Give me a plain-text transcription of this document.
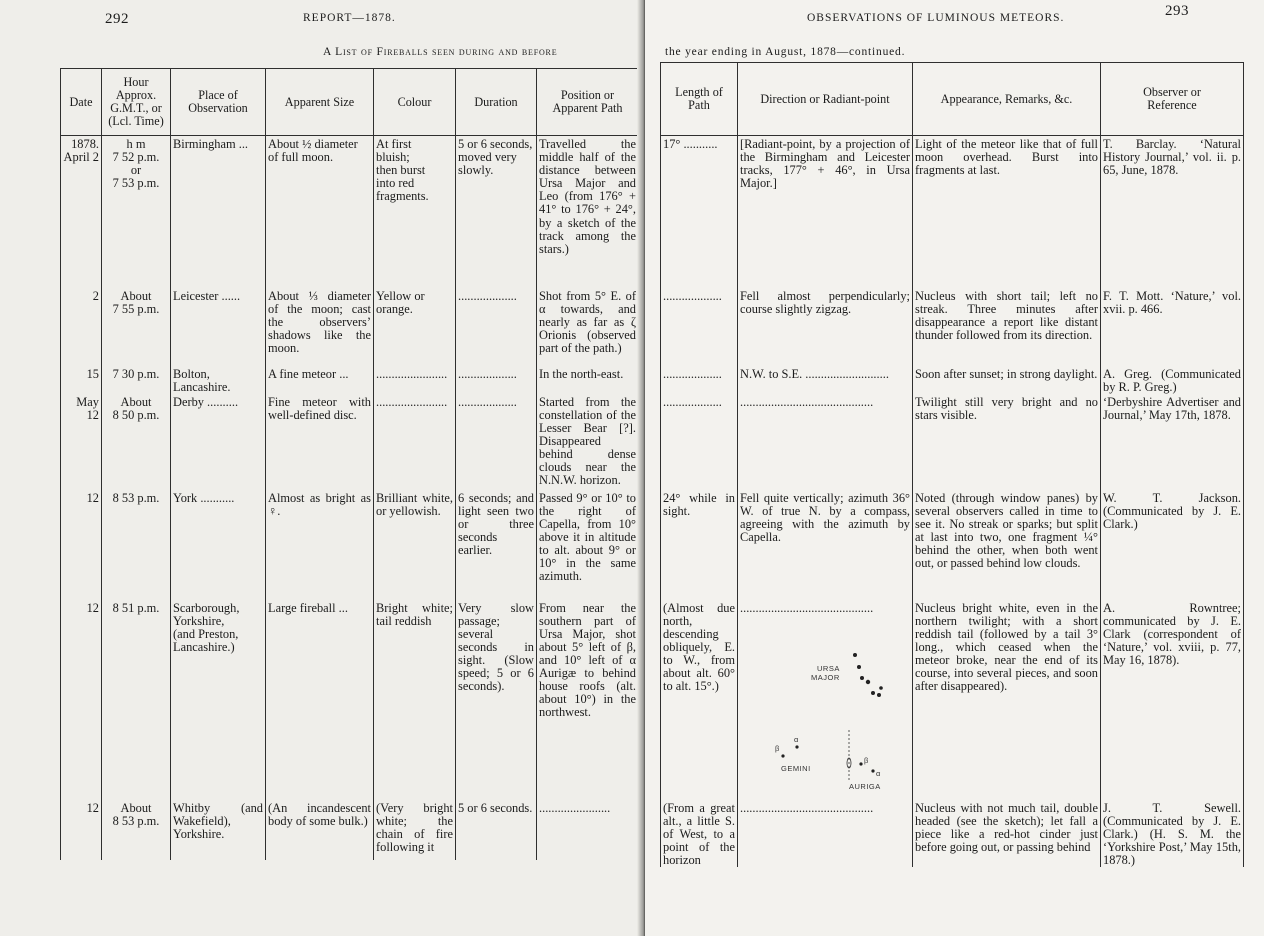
292	REPORT—1878.
A List of Fireballs seen during and before
Date	Hour
Approx.
G.M.T., or
(Lcl. Time)	Place of
Observation	Apparent Size	Colour	Duration	Position or
Apparent Path
1878.
April 2	h m
7 52 p.m.
or
7 53 p.m.	Birmingham ...	About ½ diameter
of full moon.	At first
bluish;
then burst
into red
fragments.	5 or 6 seconds,
moved very
slowly.	Travelled the middle half of the distance between Ursa Major and Leo (from 176° + 41° to 176° + 24°, by a sketch of the track among the stars.)
2	About
7 55 p.m.	Leicester ......	About ⅓ diameter of the moon; cast the observers’ shadows like the moon.	Yellow or
orange.	...................	Shot from 5° E. of α towards, and nearly as far as ζ Orionis (observed part of the path.)
15	7 30 p.m.	Bolton, Lancashire.	A fine meteor ...	.......................	...................	In the north-east.
May 12	About
8 50 p.m.	Derby ..........	Fine meteor with well-defined disc.	.......................	...................	Started from the constellation of the Lesser Bear [?]. Disappeared behind dense clouds near the N.N.W. horizon.
12	8 53 p.m.	York ...........	Almost as bright as ♀.	Brilliant white, or yellowish.	6 seconds; and light seen two or three seconds earlier.	Passed 9° or 10° to the right of Capella, from 10° above it in altitude to alt. about 9° or 10° in the same azimuth.
12	8 51 p.m.	Scarborough,
Yorkshire,
(and Preston,
Lancashire.)	Large fireball ...	Bright white; tail reddish	Very slow passage; several seconds in sight. (Slow speed; 5 or 6 seconds).	From near the southern part of Ursa Major, shot about 5° left of β, and 10° left of α Aurigæ to behind house roofs (alt. about 10°) in the northwest.
12	About
8 53 p.m.	Whitby (and Wakefield), Yorkshire.	(An incandescent body of some bulk.)	(Very bright white; the chain of fire following it	5 or 6 seconds.	.......................
OBSERVATIONS OF LUMINOUS METEORS.	293
the year ending in August, 1878—continued.
Length of
Path	Direction or Radiant-point	Appearance, Remarks, &c.	Observer or
Reference
17° ...........	[Radiant-point, by a projection of the Birmingham and Leicester tracks, 177° + 46°, in Ursa Major.]	Light of the meteor like that of full moon overhead. Burst into fragments at last.	T. Barclay. ‘Natural History Journal,’ vol. ii. p. 65, June, 1878.
...................	Fell almost perpendicularly; course slightly zigzag.	Nucleus with short tail; left no streak. Three minutes after disappearance a report like distant thunder followed from its direction.	F. T. Mott. ‘Nature,’ vol. xvii. p. 466.
...................	N.W. to S.E. ...........................	Soon after sunset; in strong daylight.	A. Greg. (Communicated by R. P. Greg.)
...................	...........................................	Twilight still very bright and no stars visible.	‘Derbyshire Advertiser and Journal,’ May 17th, 1878.
24° while in sight.	Fell quite vertically; azimuth 36° W. of true N. by a compass, agreeing with the azimuth by Capella.	Noted (through window panes) by several observers called in time to see it. No streak or sparks; but split at last into two, one fragment ¼° behind the other, when both went out, or passed behind low clouds.	W. T. Jackson. (Communicated by J. E. Clark.)
(Almost due north, descending obliquely, E. to W., from about alt. 60° to alt. 15°.)	...........................................	Nucleus bright white, even in the northern twilight; with a short reddish tail (followed by a tail 3° long., which ceased when the meteor broke, near the end of its course, into several pieces, and soon after disappeared).	A. Rowntree; communicated by J. E. Clark (correspondent of ‘Nature,’ vol. xviii, p. 77, May 16, 1878).
(From a great alt., a little S. of West, to a point of the horizon	...........................................	Nucleus with not much tail, double headed (see the sketch); let fall a piece like a red-hot cinder just before going out, or passing behind	J. T. Sewell. (Communicated by J. E. Clark.) (H. S. M. the ‘Yorkshire Post,’ May 15th, 1878.)
URSA
MAJOR
β
α
GEMINI
β
α
AURIGA
